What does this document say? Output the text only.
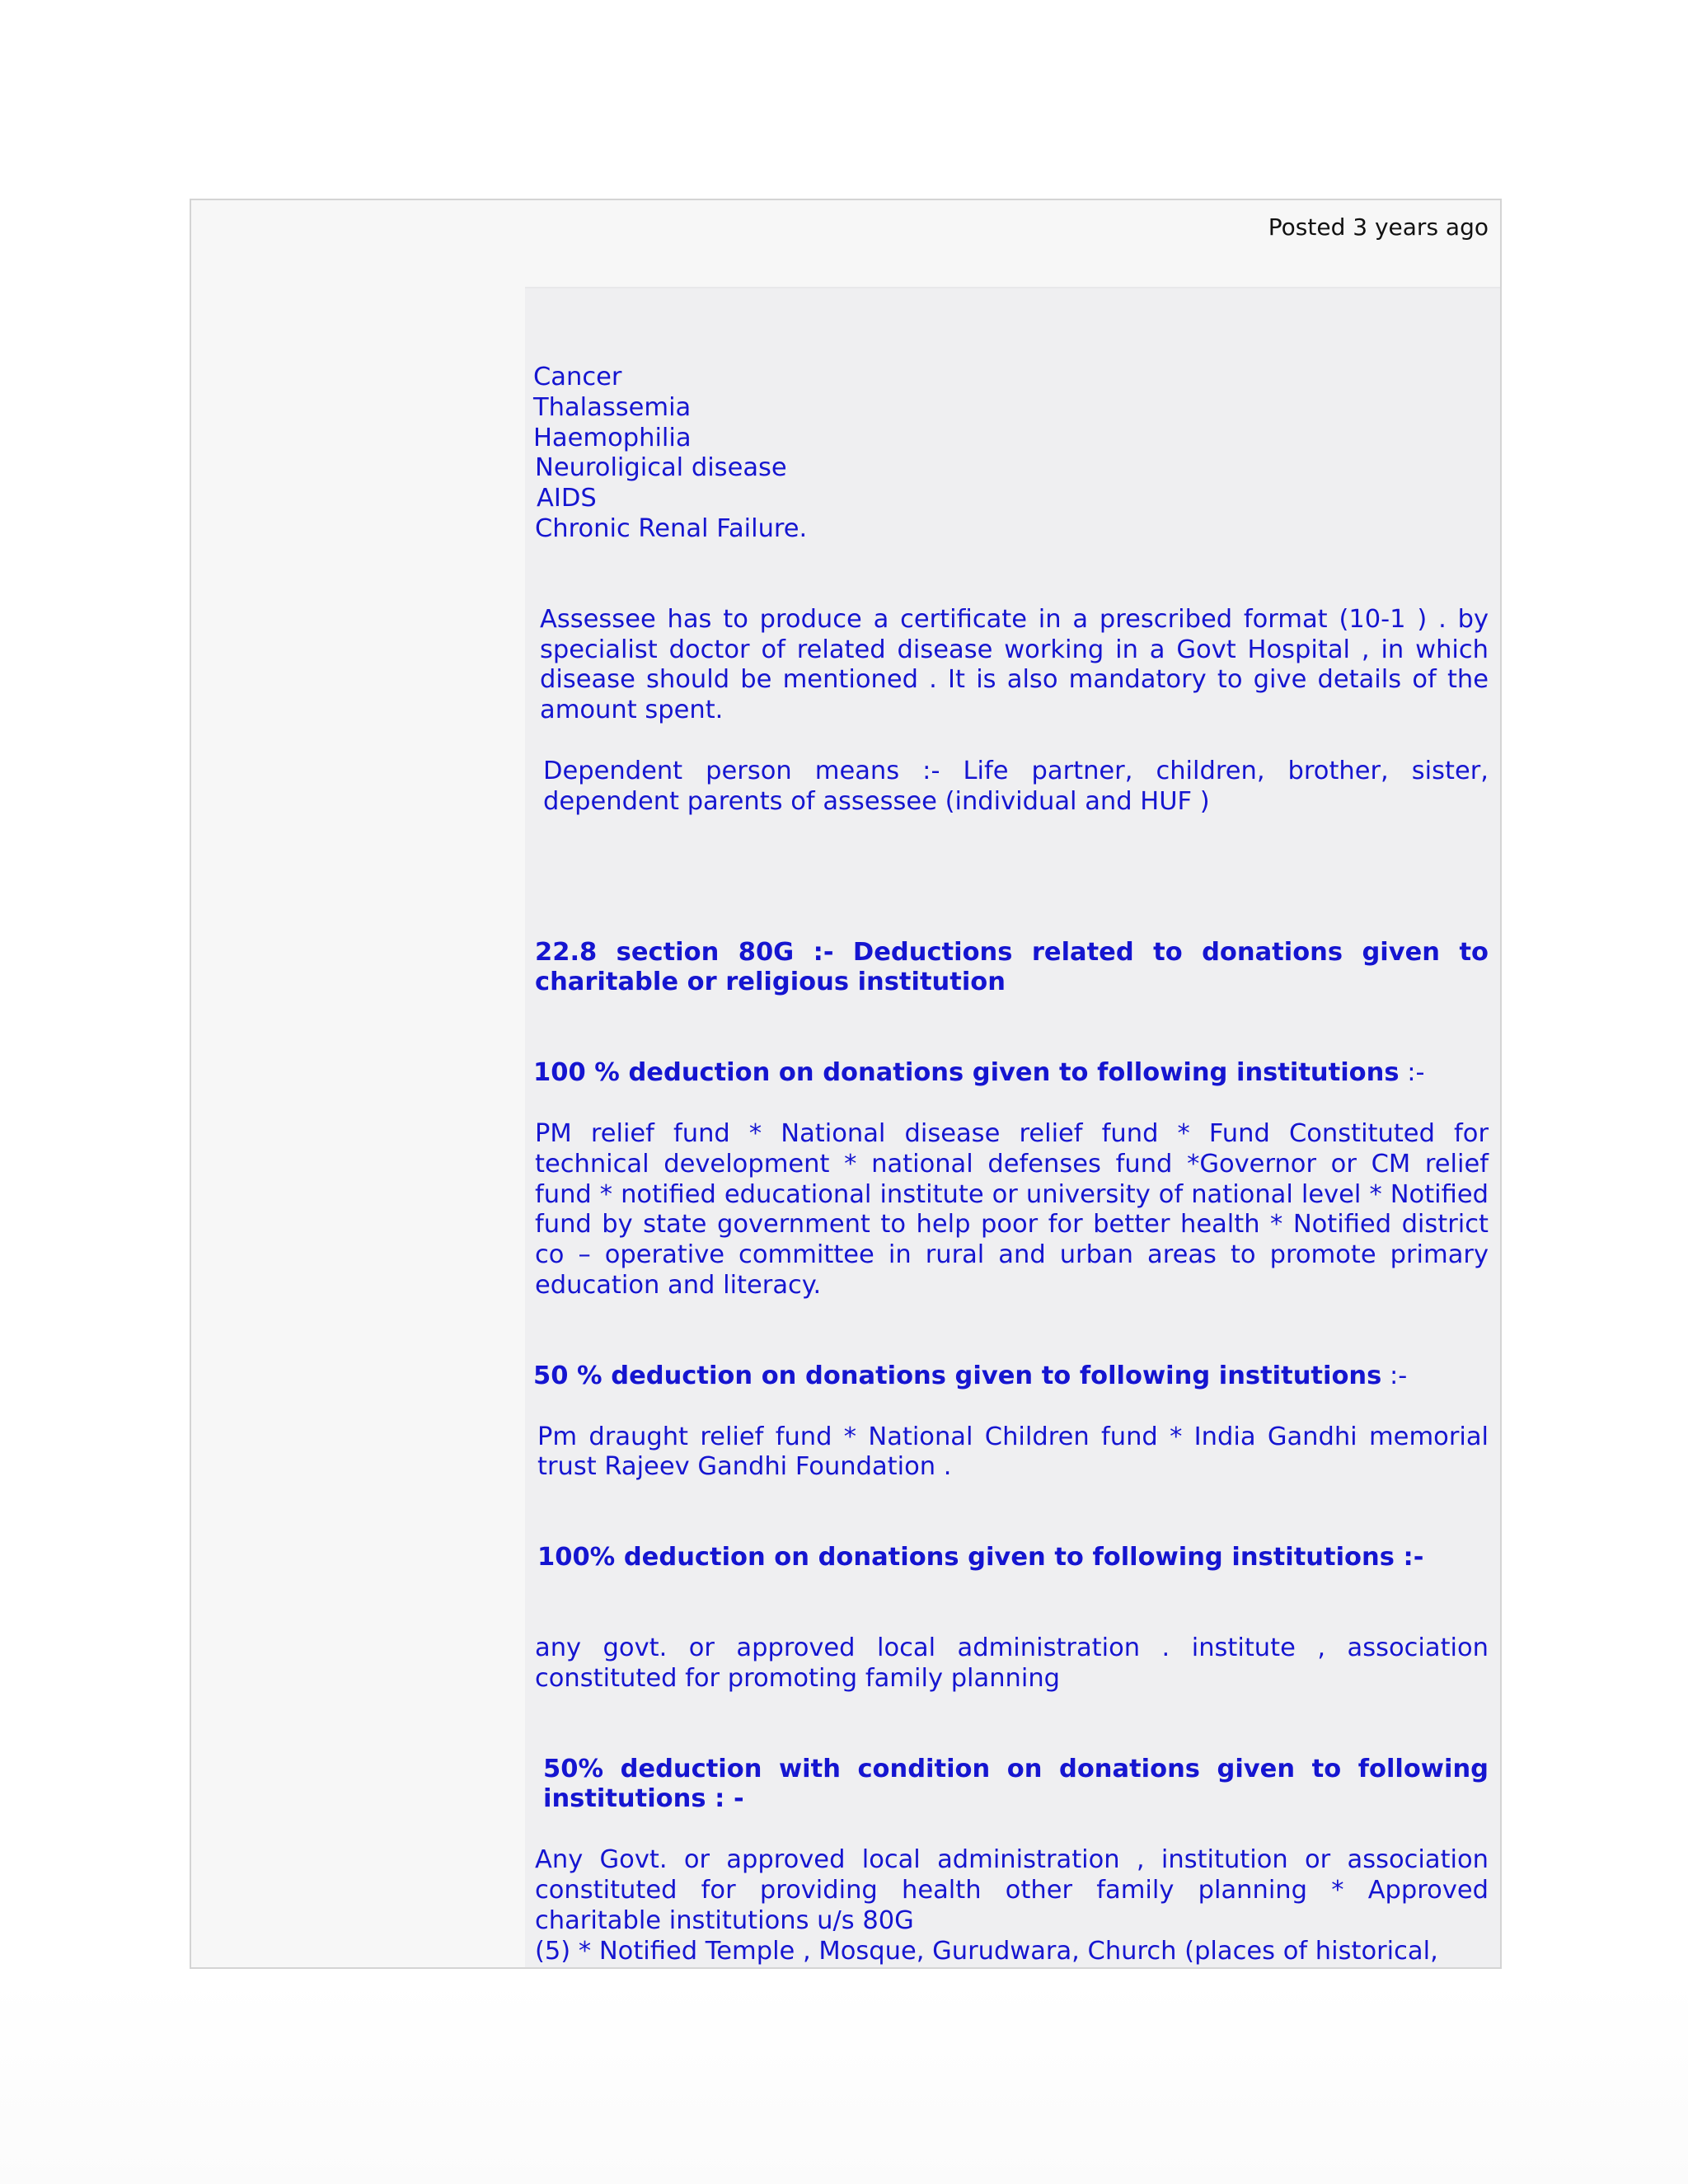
Posted 3 years ago
Cancer
Thalassemia
Haemophilia
Neuroligical disease
AIDS
Chronic Renal Failure.

Assessee has to produce a certificate in a prescribed format (10-1 ) . by specialist doctor of related disease working in a Govt Hospital , in which disease should be mentioned . It is also mandatory to give details of the amount spent.

Dependent person means :- Life partner, children, brother, sister, dependent parents of assessee (individual and HUF )

22.8 section 80G :- Deductions related to donations given to charitable or religious institution

100 % deduction on donations given to following institutions :-

PM relief fund * National disease relief fund * Fund Constituted for technical development * national defenses fund *Governor or CM relief fund * notified educational institute or university of national level * Notified fund by state government to help poor for better health * Notified district co – operative committee in rural and urban areas to promote primary education and literacy.

50 % deduction on donations given to following institutions :-

Pm draught relief fund * National Children fund * India Gandhi memorial trust Rajeev Gandhi Foundation .

100% deduction on donations given to following institutions :-

any govt. or approved local administration . institute , association constituted for promoting family planning

50% deduction with condition on donations given to following institutions : -

Any Govt. or approved local administration , institution or association constituted for providing health other family planning * Approved charitable institutions u/s 80G

(5) * Notified Temple , Mosque, Gurudwara, Church (places of historical,
